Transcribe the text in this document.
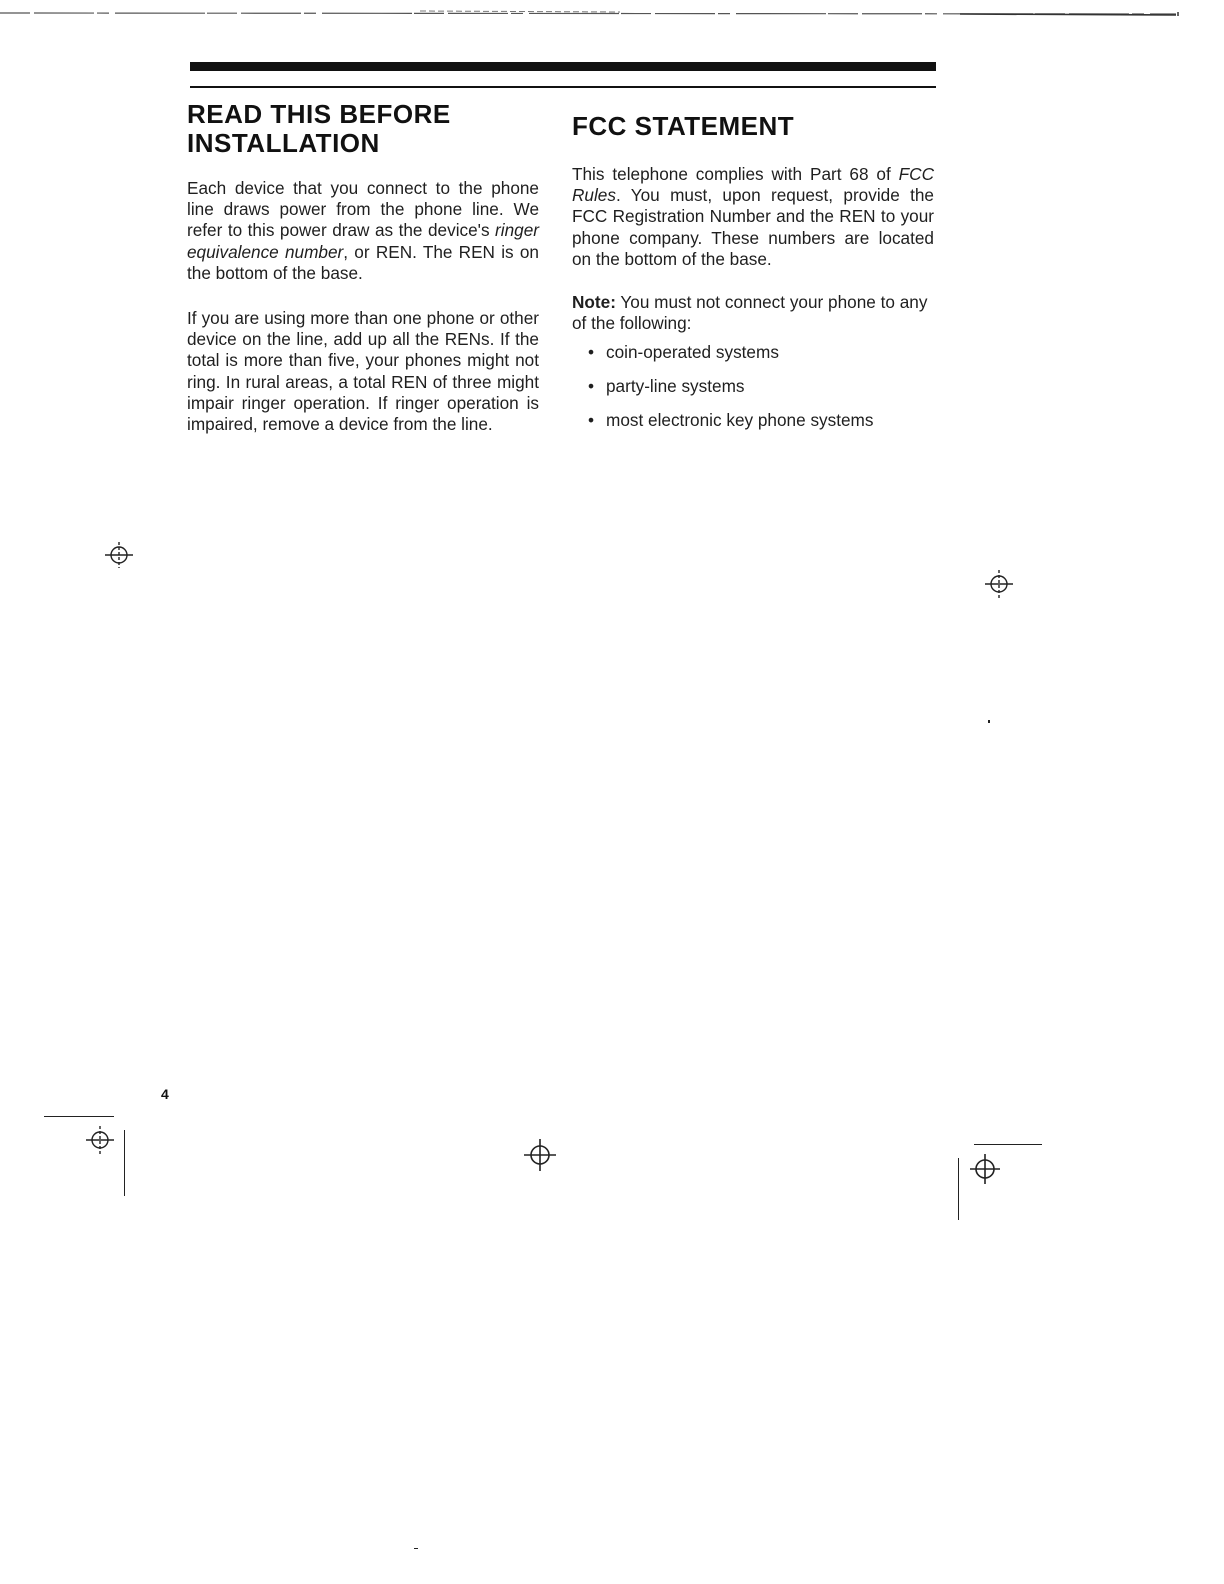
READ THIS BEFORE
INSTALLATION

Each device that you connect to the phone line draws power from the phone line. We refer to this power draw as the device's ringer equivalence number, or REN. The REN is on the bottom of the base.

If you are using more than one phone or other device on the line, add up all the RENs. If the total is more than five, your phones might not ring. In rural areas, a total REN of three might impair ringer operation. If ringer operation is impaired, remove a device from the line.

FCC STATEMENT

This telephone complies with Part 68 of FCC Rules. You must, upon request, provide the FCC Registration Number and the REN to your phone company. These numbers are located on the bottom of the base.

Note: You must not connect your phone to any of the following:

• coin-operated systems
• party-line systems
• most electronic key phone systems
4
